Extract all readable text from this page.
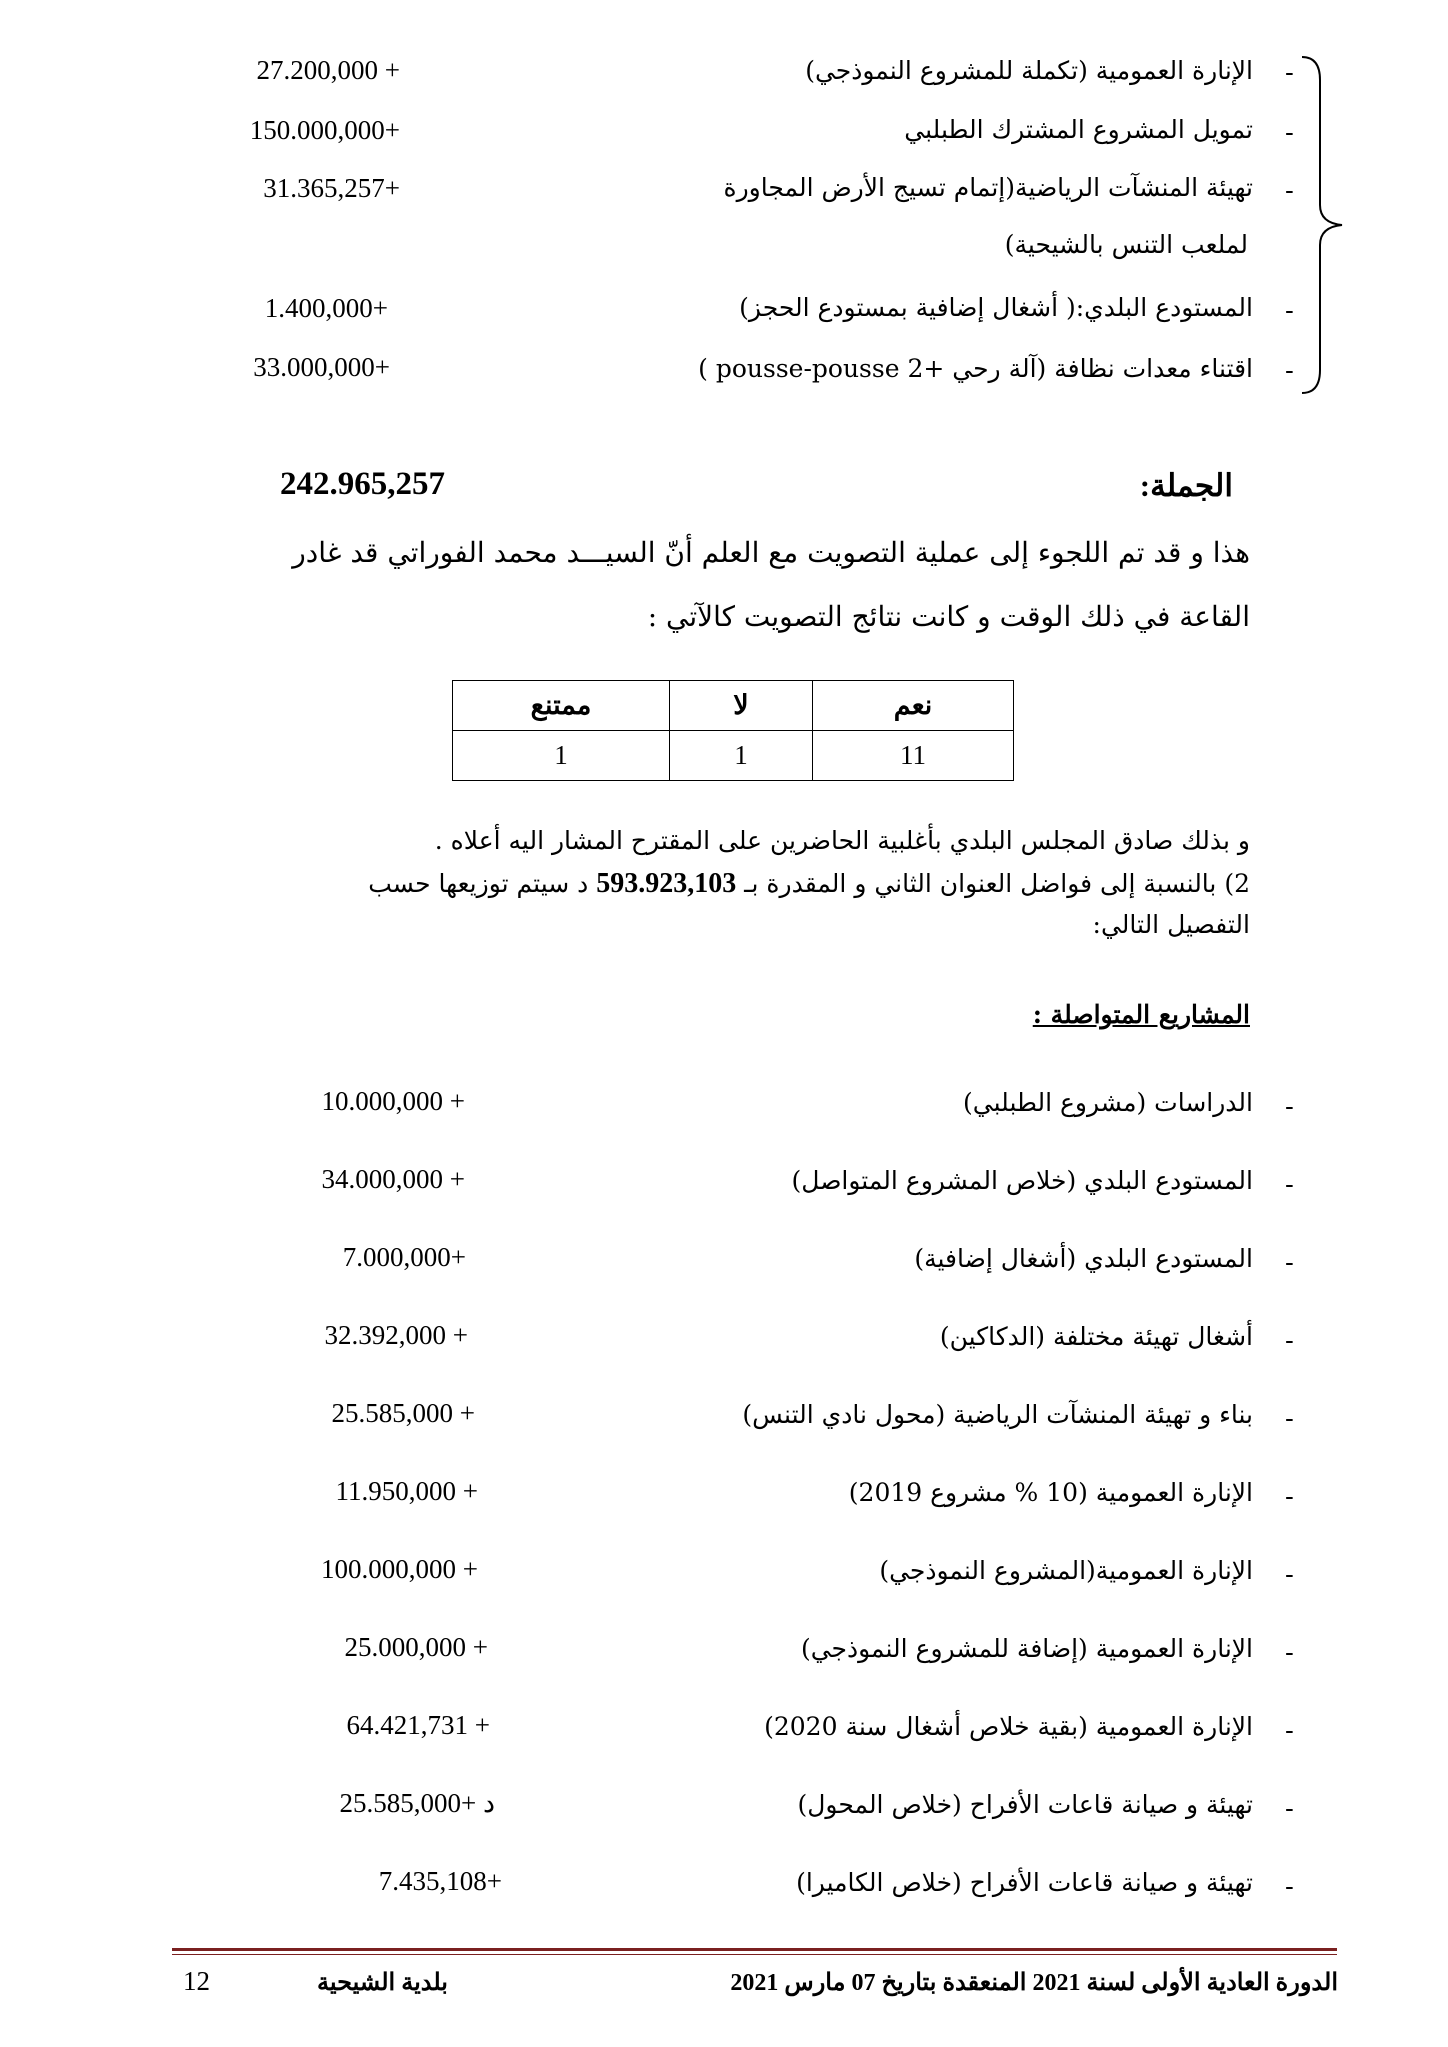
-
الإنارة العمومية (تكملة للمشروع النموذجي)
27.200,000 +
-
تمويل المشروع المشترك الطبلبي
150.000,000+
-
تهيئة المنشآت الرياضية(إتمام تسيج الأرض المجاورة
لملعب التنس بالشيحية)
31.365,257+
-
المستودع البلدي:( أشغال إضافية بمستودع الحجز)
1.400,000+
-
اقتناء معدات نظافة (آلة رحي +2 pousse-pousse )
33.000,000+
الجملة:
242.965,257
هذا و قد تم اللجوء إلى عملية التصويت مع العلم أنّ السيـــد محمد الفوراتي قد غادر
القاعة في ذلك الوقت و كانت نتائج التصويت كالآتي :
نعم	لا	ممتنع
11	1	1
و بذلك صادق المجلس البلدي بأغلبية الحاضرين على المقترح المشار اليه أعلاه .
2) بالنسبة إلى فواضل العنوان الثاني و المقدرة بـ 593.923,103 د سيتم توزيعها حسب
التفصيل التالي:
المشاريع المتواصلة :
-
الدراسات (مشروع الطبلبي)
10.000,000 +
-
المستودع البلدي (خلاص المشروع المتواصل)
34.000,000 +
-
المستودع البلدي (أشغال إضافية)
7.000,000+
-
أشغال تهيئة مختلفة (الدكاكين)
32.392,000 +
-
بناء و تهيئة المنشآت الرياضية (محول نادي التنس)
25.585,000 +
-
الإنارة العمومية (10 % مشروع 2019)
11.950,000 +
-
الإنارة العمومية(المشروع النموذجي)
100.000,000 +
-
الإنارة العمومية (إضافة للمشروع النموذجي)
25.000,000 +
-
الإنارة العمومية (بقية خلاص أشغال سنة 2020)
64.421,731 +
-
تهيئة و صيانة قاعات الأفراح (خلاص المحول)
25.585,000+ د
-
تهيئة و صيانة قاعات الأفراح (خلاص الكاميرا)
7.435,108+
الدورة العادية الأولى لسنة 2021 المنعقدة بتاريخ 07 مارس 2021
بلدية الشيحية
12
